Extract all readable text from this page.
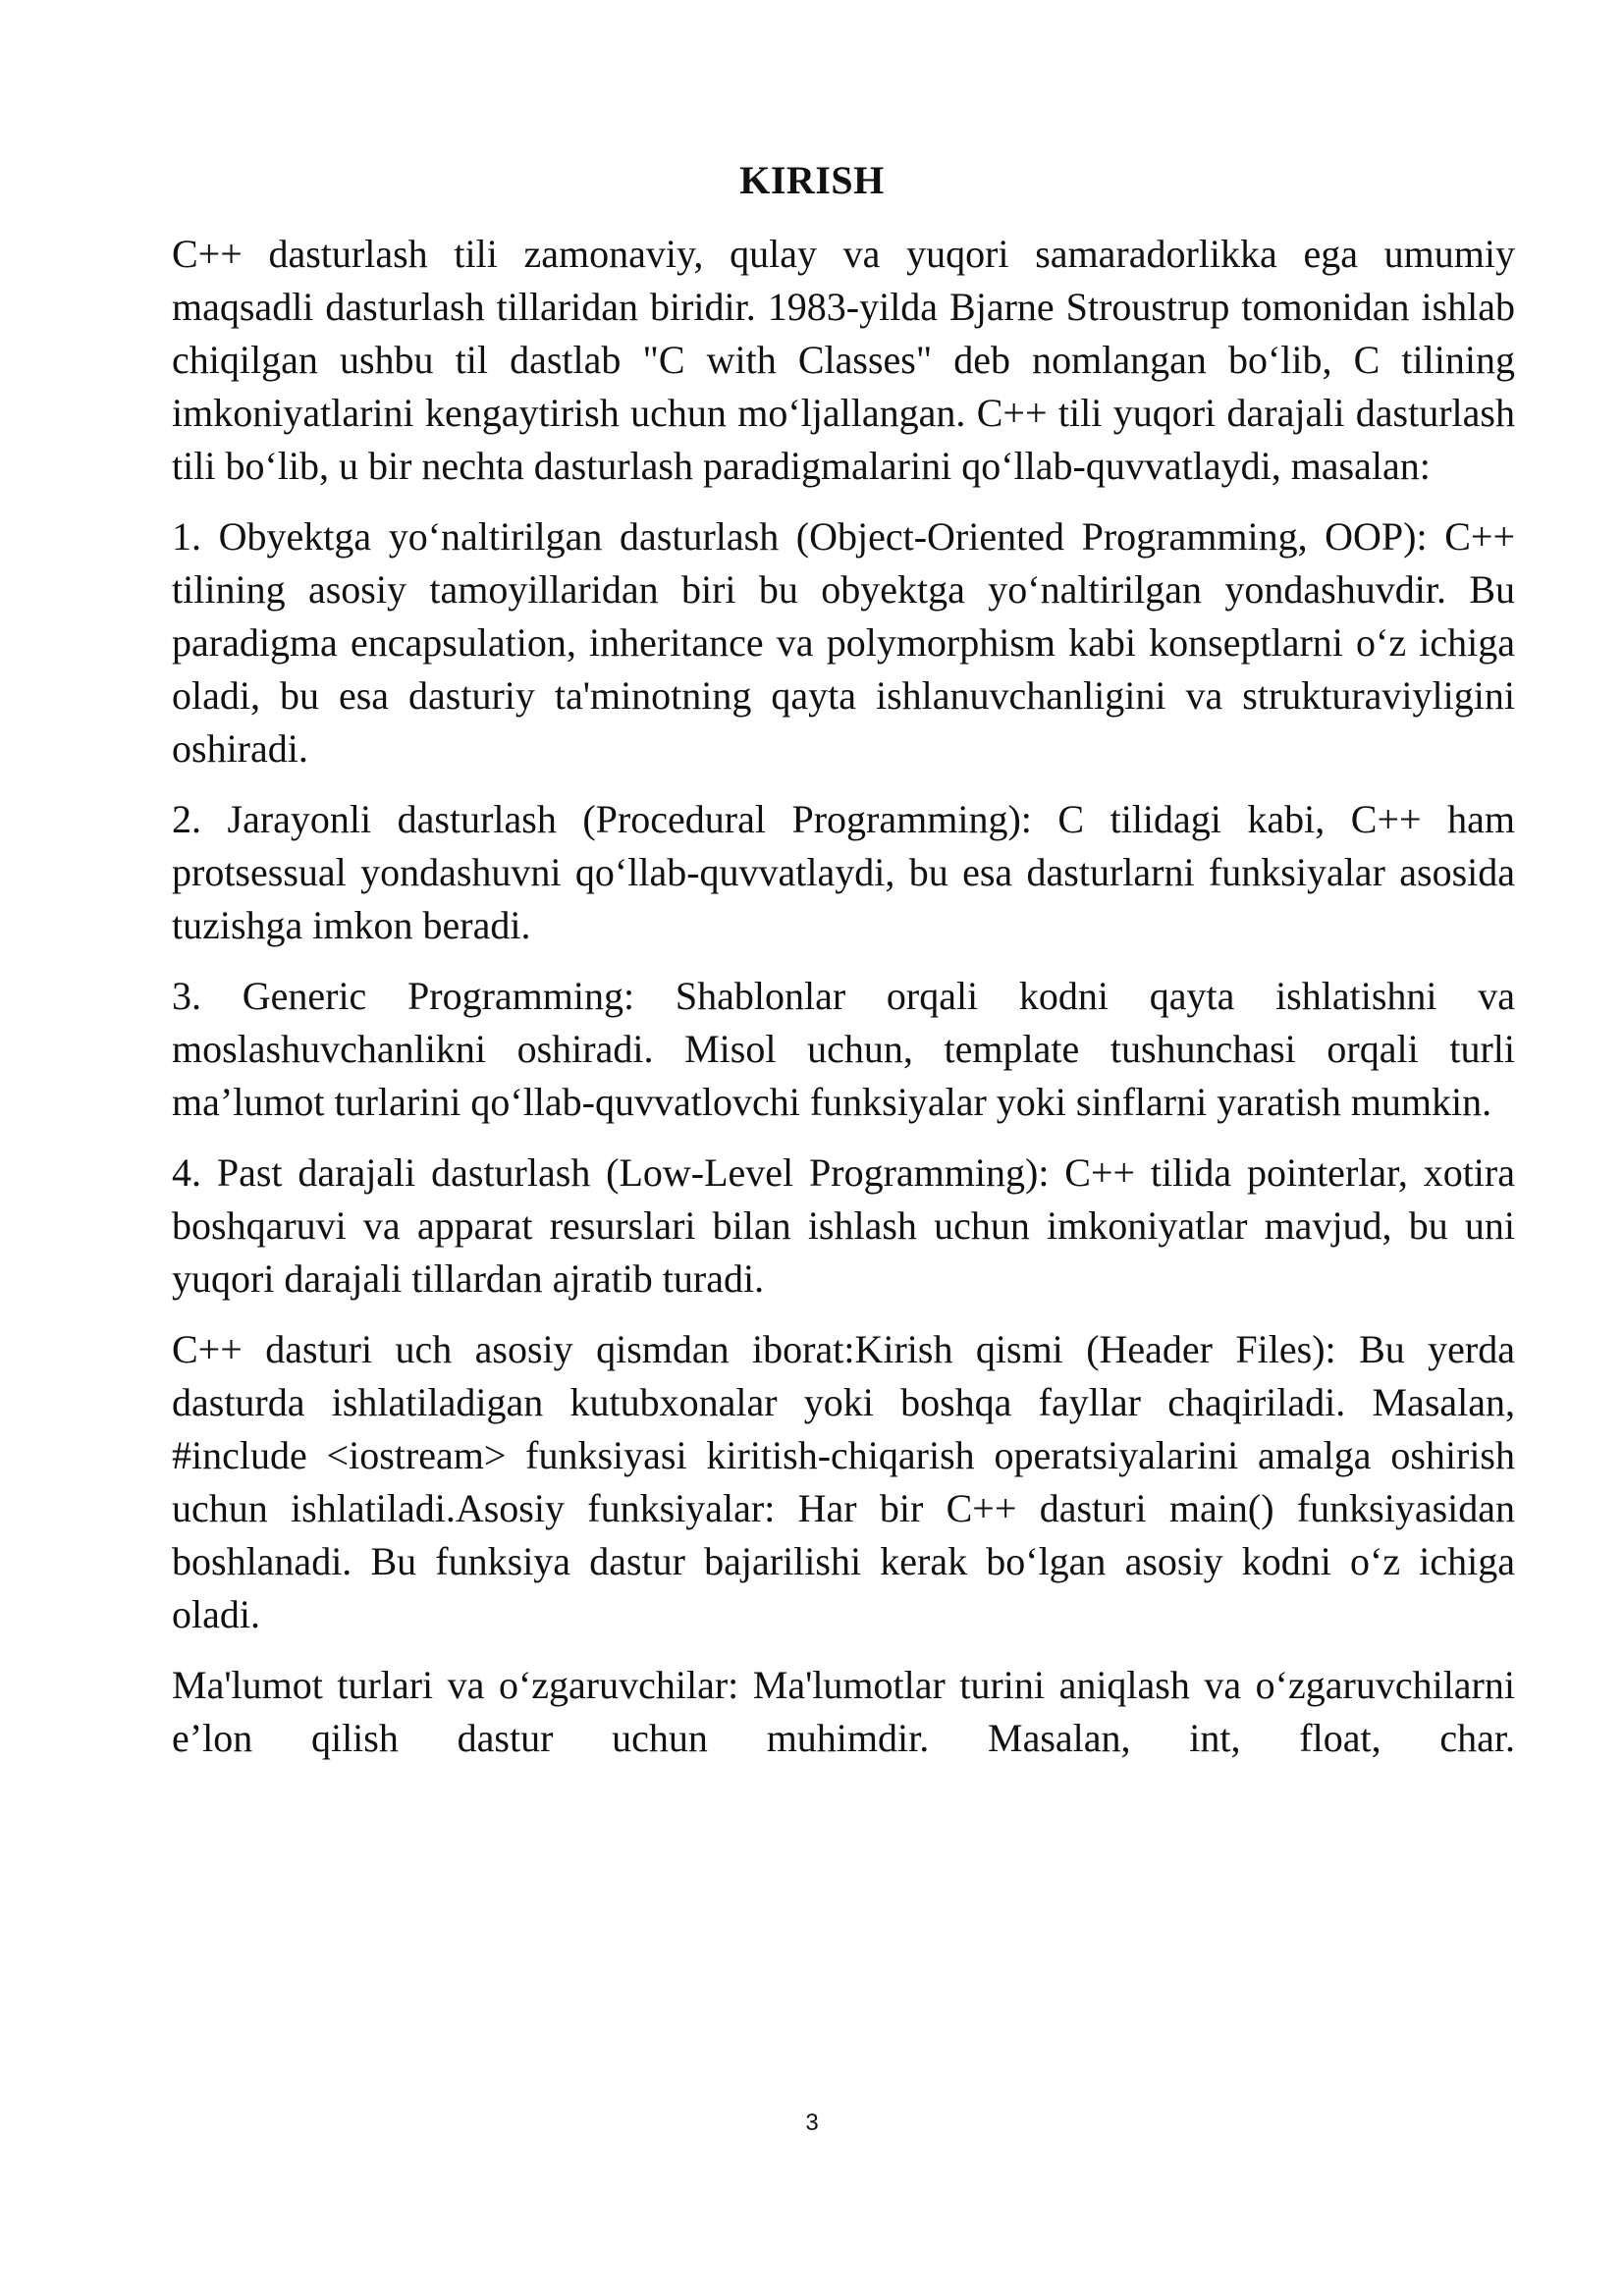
KIRISH

C++ dasturlash tili zamonaviy, qulay va yuqori samaradorlikka ega umumiy maqsadli dasturlash tillaridan biridir. 1983-yilda Bjarne Stroustrup tomonidan ishlab chiqilgan ushbu til dastlab "C with Classes" deb nomlangan bo‘lib, C tilining imkoniyatlarini kengaytirish uchun mo‘ljallangan. C++ tili yuqori darajali dasturlash tili bo‘lib, u bir nechta dasturlash paradigmalarini qo‘llab-quvvatlaydi, masalan:

1. Obyektga yo‘naltirilgan dasturlash (Object-Oriented Programming, OOP): C++ tilining asosiy tamoyillaridan biri bu obyektga yo‘naltirilgan yondashuvdir. Bu paradigma encapsulation, inheritance va polymorphism kabi konseptlarni o‘z ichiga oladi, bu esa dasturiy ta'minotning qayta ishlanuvchanligini va strukturaviyligini oshiradi.

2. Jarayonli dasturlash (Procedural Programming): C tilidagi kabi, C++ ham protsessual yondashuvni qo‘llab-quvvatlaydi, bu esa dasturlarni funksiyalar asosida tuzishga imkon beradi.

3. Generic Programming: Shablonlar orqali kodni qayta ishlatishni va moslashuvchanlikni oshiradi. Misol uchun, template tushunchasi orqali turli ma’lumot turlarini qo‘llab-quvvatlovchi funksiyalar yoki sinflarni yaratish mumkin.

4. Past darajali dasturlash (Low-Level Programming): C++ tilida pointerlar, xotira boshqaruvi va apparat resurslari bilan ishlash uchun imkoniyatlar mavjud, bu uni yuqori darajali tillardan ajratib turadi.

C++ dasturi uch asosiy qismdan iborat:Kirish qismi (Header Files): Bu yerda dasturda ishlatiladigan kutubxonalar yoki boshqa fayllar chaqiriladi. Masalan, #include <iostream> funksiyasi kiritish-chiqarish operatsiyalarini amalga oshirish uchun ishlatiladi.Asosiy funksiyalar: Har bir C++ dasturi main() funksiyasidan boshlanadi. Bu funksiya dastur bajarilishi kerak bo‘lgan asosiy kodni o‘z ichiga oladi.

Ma'lumot turlari va o‘zgaruvchilar: Ma'lumotlar turini aniqlash va o‘zgaruvchilarni e’lon qilish dastur uchun muhimdir. Masalan, int, float, char.

3
